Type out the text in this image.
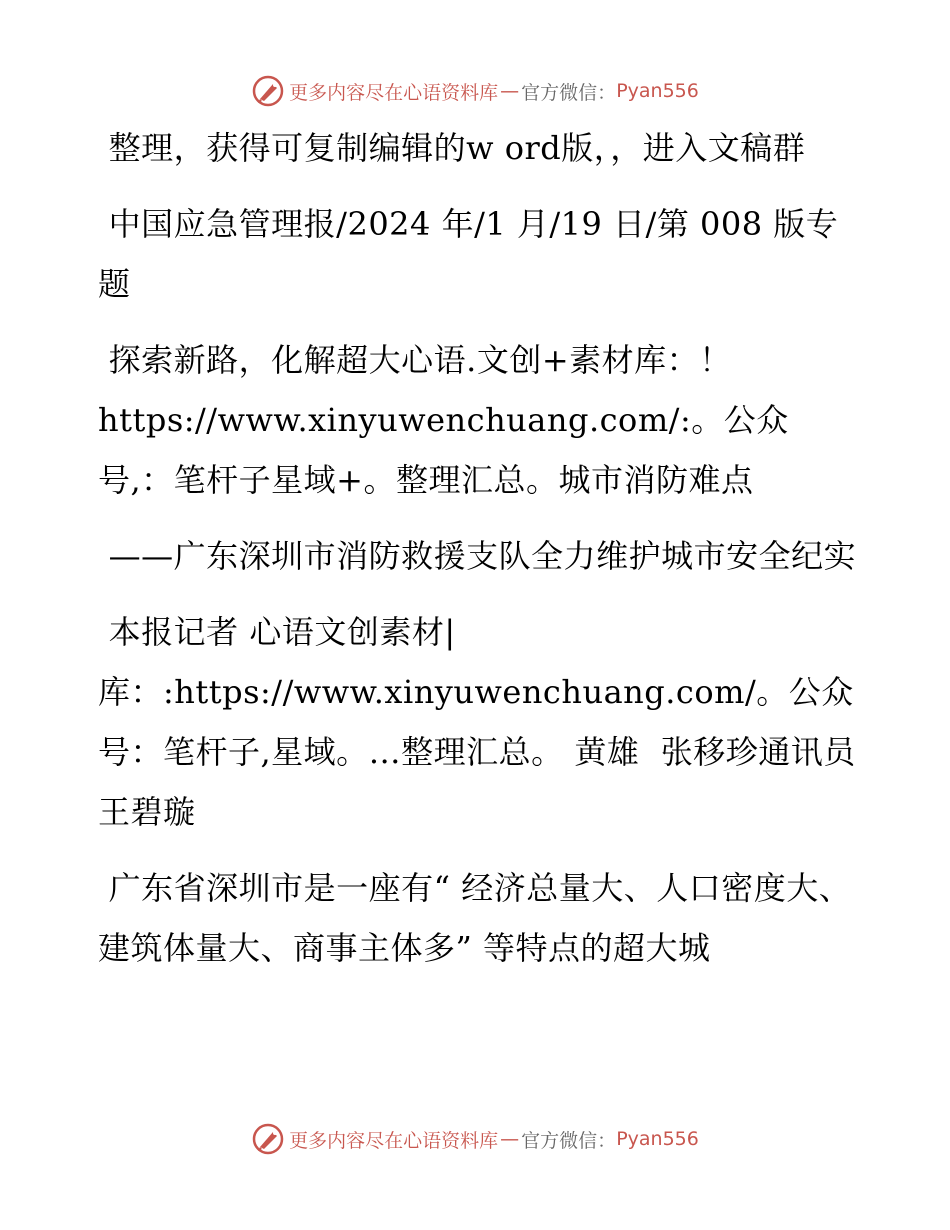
更多内容尽在心语资料库 — 官方微信： Pyan556

整理，获得可复制编辑的w ord版，，进入文稿群

中国应急管理报/2024 年/1 月/19 日/第 008 版专题

探索新路，化解超大心语.文创+素材库：！https://www.xinyuwenchuang.com/:。公众号,：笔杆子星域+。整理汇总。城市消防难点

——广东深圳市消防救援支队全力维护城市安全纪实

本报记者 心语文创素材|库：:https://www.xinyuwenchuang.com/。公众号：笔杆子,星域。…整理汇总。 黄雄  张移珍通讯员  王碧璇

广东省深圳市是一座有“ 经济总量大、人口密度大、建筑体量大、商事主体多” 等特点的超大城

更多内容尽在心语资料库 — 官方微信： Pyan556
